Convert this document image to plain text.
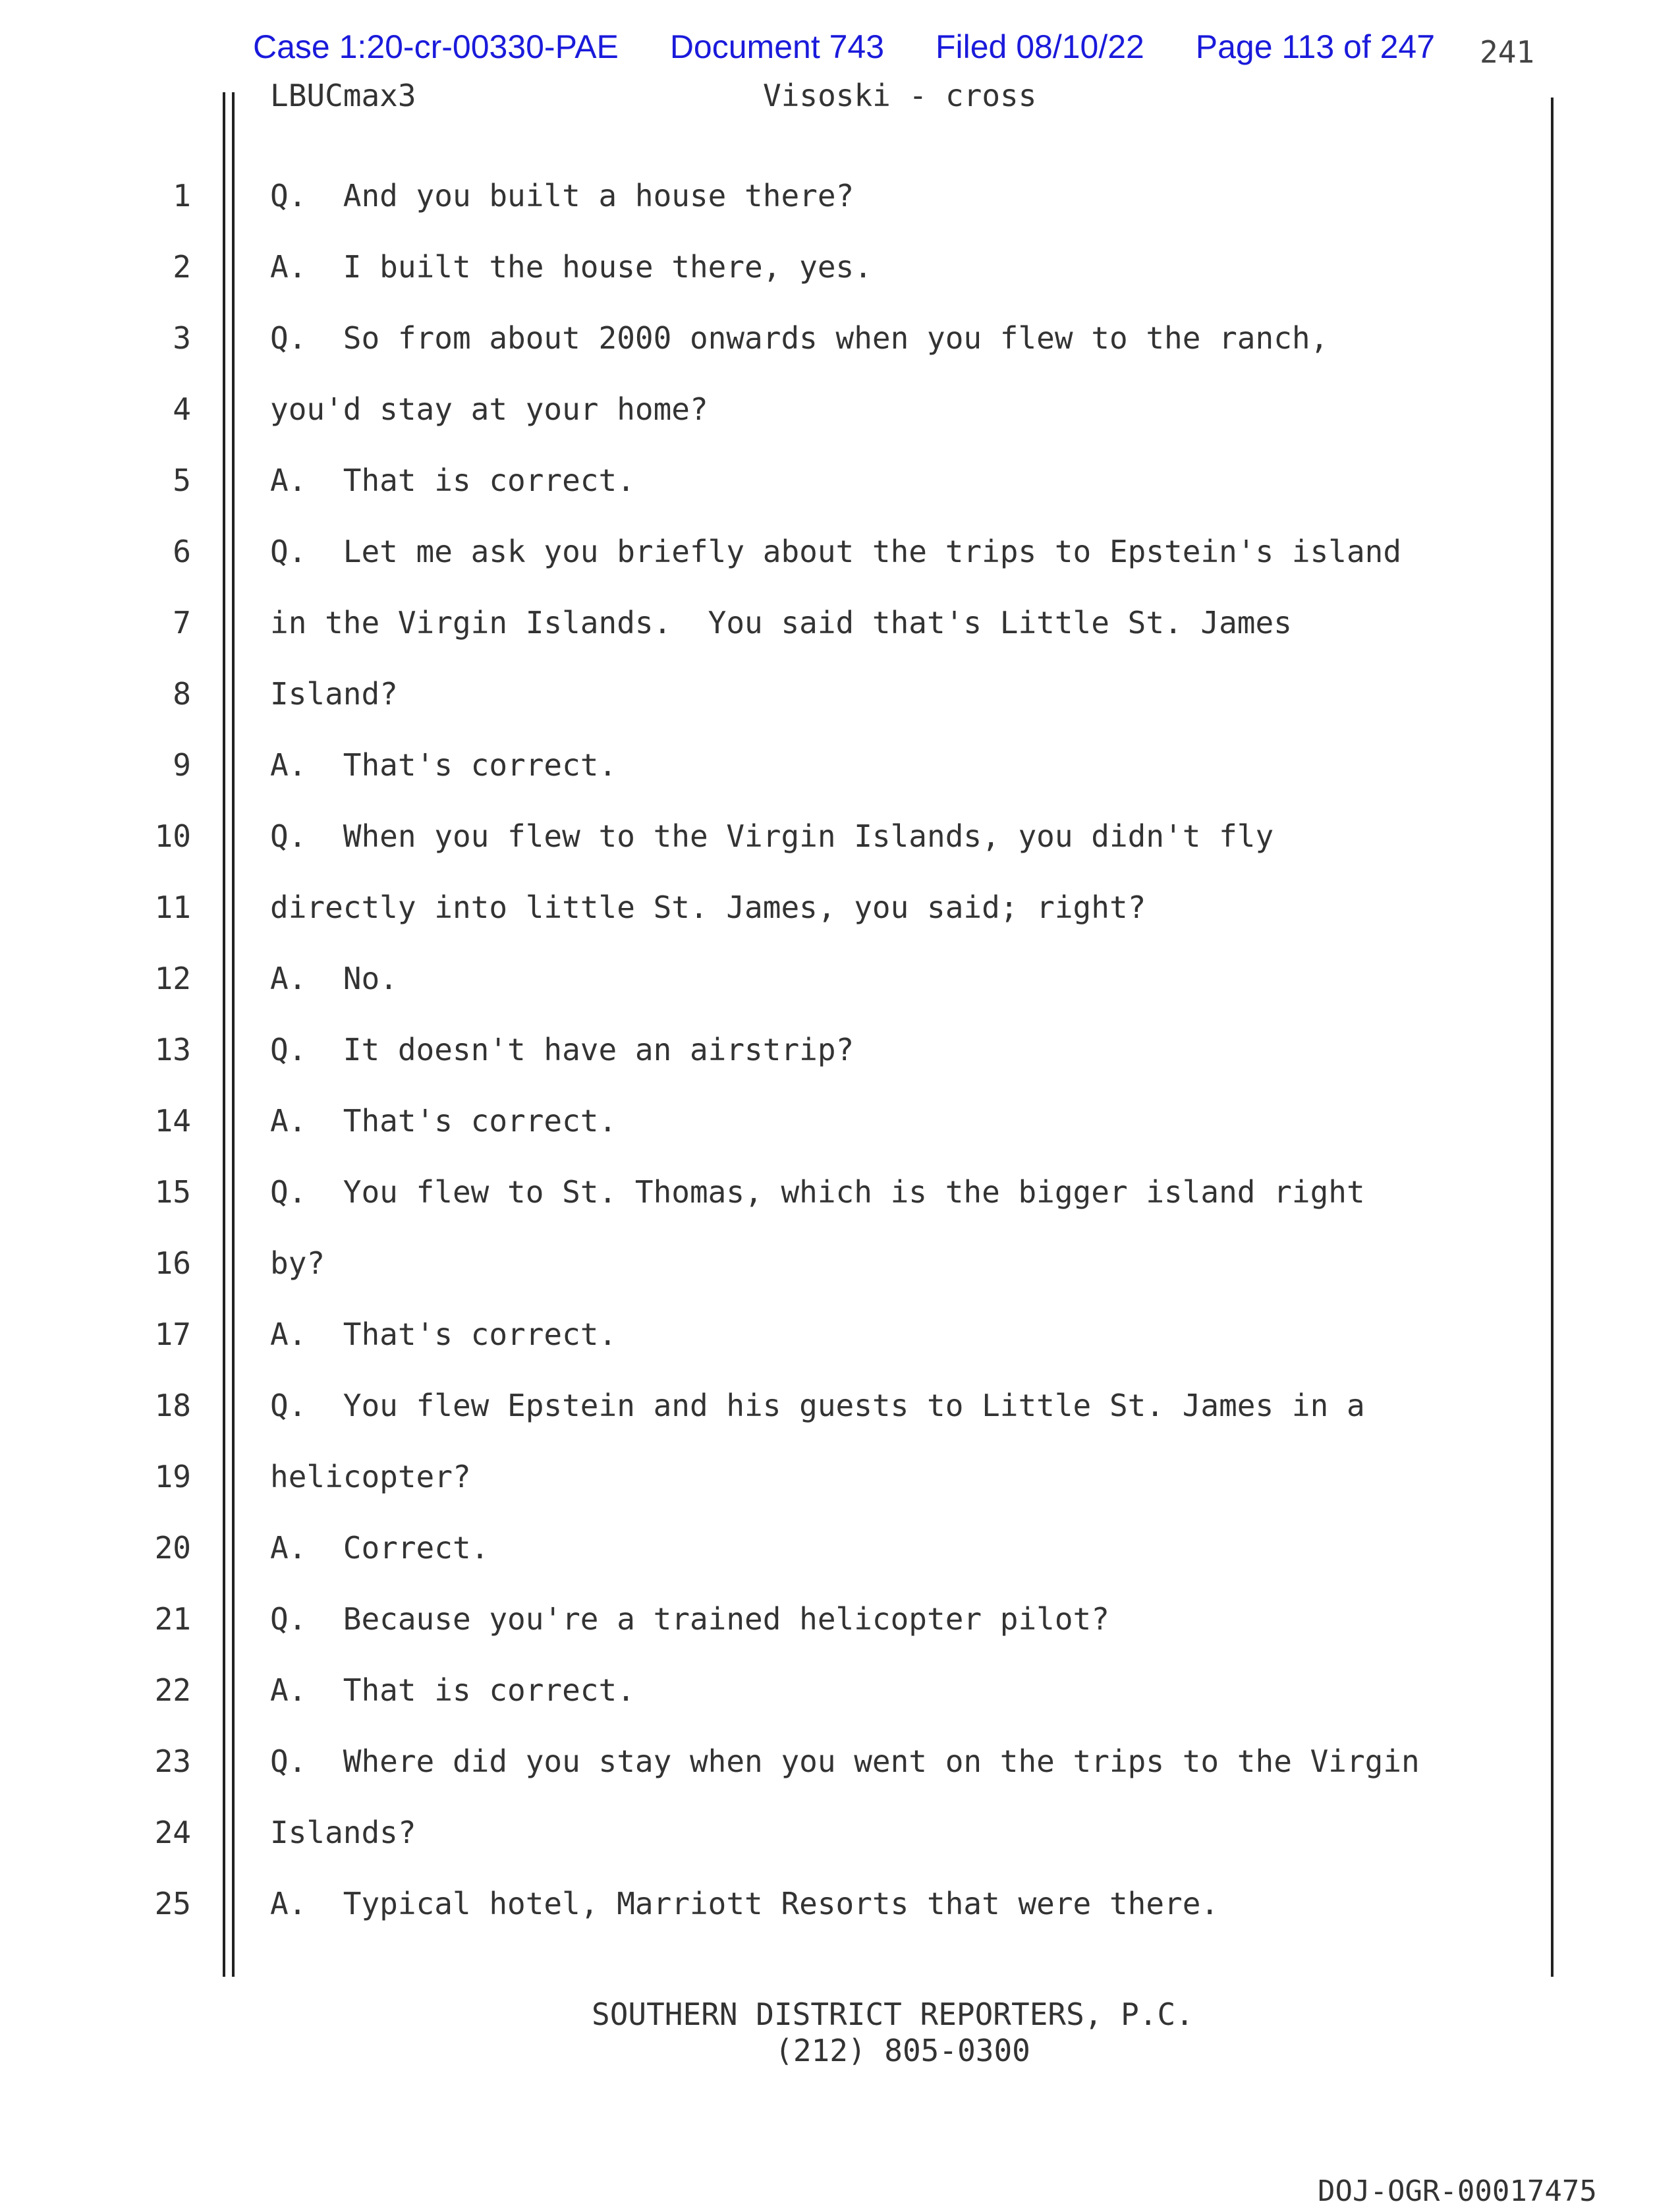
Case 1:20-cr-00330-PAE Document 743 Filed 08/10/22 Page 113 of 247 241
LBUCmax3	Visoski - cross
1	Q.  And you built a house there?
2	A.  I built the house there, yes.
3	Q.  So from about 2000 onwards when you flew to the ranch,
4	you'd stay at your home?
5	A.  That is correct.
6	Q.  Let me ask you briefly about the trips to Epstein's island
7	in the Virgin Islands.  You said that's Little St. James
8	Island?
9	A.  That's correct.
10	Q.  When you flew to the Virgin Islands, you didn't fly
11	directly into little St. James, you said; right?
12	A.  No.
13	Q.  It doesn't have an airstrip?
14	A.  That's correct.
15	Q.  You flew to St. Thomas, which is the bigger island right
16	by?
17	A.  That's correct.
18	Q.  You flew Epstein and his guests to Little St. James in a
19	helicopter?
20	A.  Correct.
21	Q.  Because you're a trained helicopter pilot?
22	A.  That is correct.
23	Q.  Where did you stay when you went on the trips to the Virgin
24	Islands?
25	A.  Typical hotel, Marriott Resorts that were there.
SOUTHERN DISTRICT REPORTERS, P.C.
(212) 805-0300
DOJ-OGR-00017475
